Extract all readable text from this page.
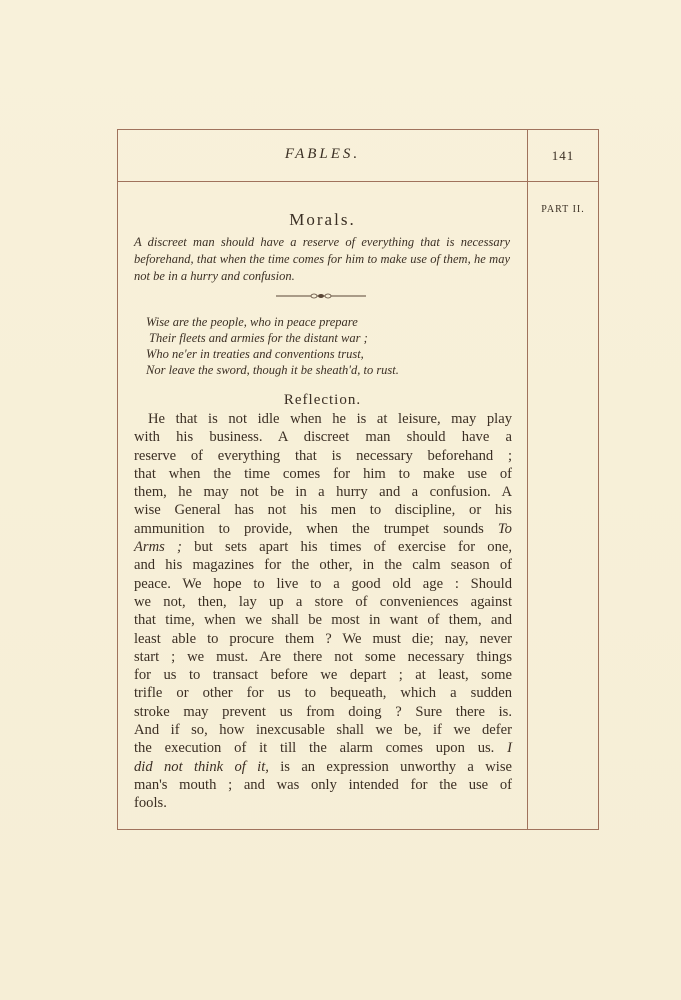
FABLES.	141
PART II.
Morals.
A discreet man should have a reserve of everything that is necessary beforehand, that when the time comes for him to make use of them, he may not be in a hurry and confusion.
Wise are the people, who in peace prepare
Their fleets and armies for the distant war ;
Who ne'er in treaties and conventions trust,
Nor leave the sword, though it be sheath'd, to rust.
Reflection.
He that is not idle when he is at leisure, may play
with his business. A discreet man should have a
reserve of everything that is necessary beforehand ;
that when the time comes for him to make use of
them, he may not be in a hurry and a confusion. A
wise General has not his men to discipline, or his
ammunition to provide, when the trumpet sounds To
Arms ; but sets apart his times of exercise for one,
and his magazines for the other, in the calm season of
peace. We hope to live to a good old age : Should
we not, then, lay up a store of conveniences against
that time, when we shall be most in want of them, and
least able to procure them ? We must die; nay, never
start ; we must. Are there not some necessary things
for us to transact before we depart ; at least, some
trifle or other for us to bequeath, which a sudden
stroke may prevent us from doing ? Sure there is.
And if so, how inexcusable shall we be, if we defer
the execution of it till the alarm comes upon us. I
did not think of it, is an expression unworthy a wise
man's mouth ; and was only intended for the use of
fools.
